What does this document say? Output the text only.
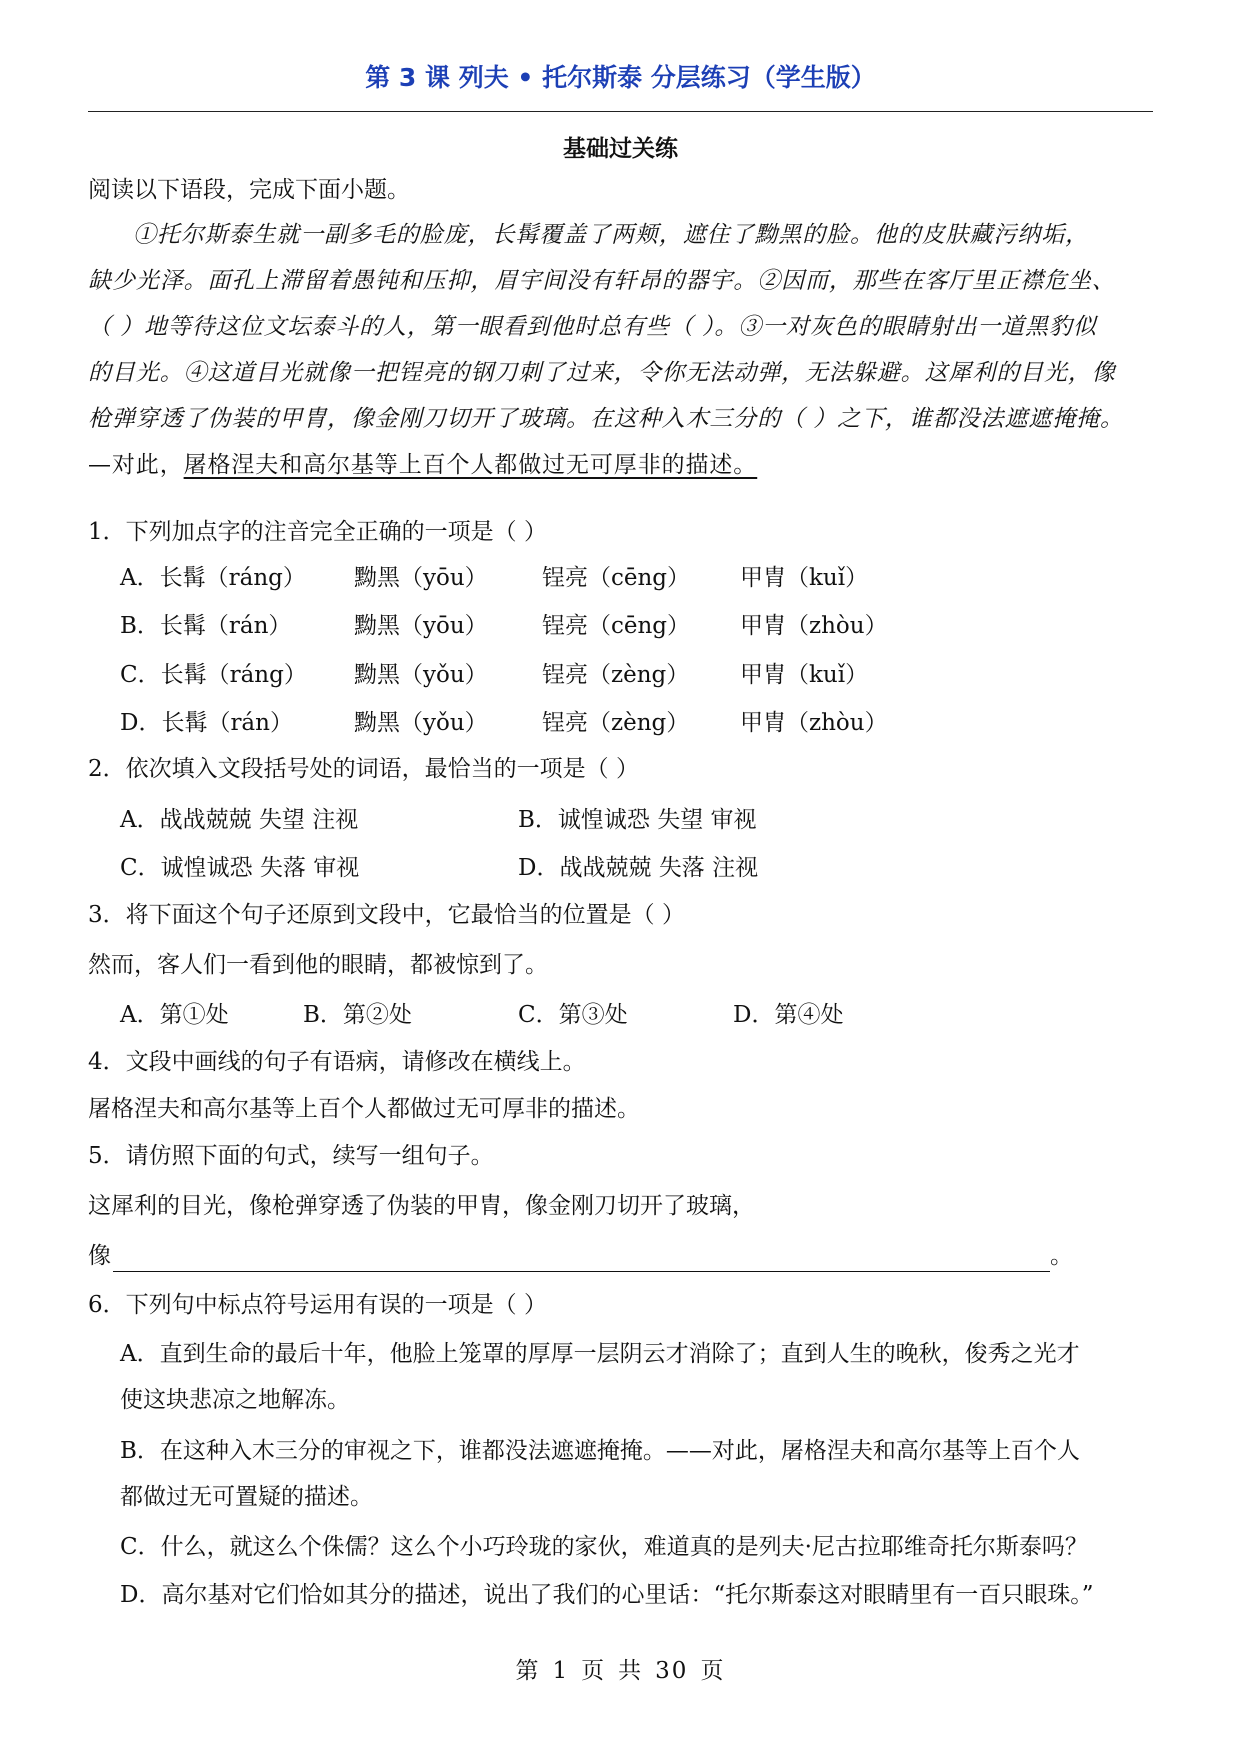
第 3 课 列夫 • 托尔斯泰 分层练习（学生版）
基础过关练
阅读以下语段，完成下面小题。
①托尔斯泰生就一副多毛的脸庞，长髯覆盖了两颊，遮住了黝黑的脸。他的皮肤藏污纳垢，
缺少光泽。面孔上滞留着愚钝和压抑，眉宇间没有轩昂的器宇。②因而，那些在客厅里正襟危坐、
（ ）地等待这位文坛泰斗的人，第一眼看到他时总有些（ ）。③一对灰色的眼睛射出一道黑豹似
的目光。④这道目光就像一把锃亮的钢刀刺了过来，令你无法动弹，无法躲避。这犀利的目光，像
枪弹穿透了伪装的甲胄，像金刚刀切开了玻璃。在这种入木三分的（ ）之下，谁都没法遮遮掩掩。
—对此，屠格涅夫和高尔基等上百个人都做过无可厚非的描述。
1．下列加点字的注音完全正确的一项是（ ）
A．长髯（ráng） 黝黑（yōu） 锃亮（cēng） 甲胄（kuǐ）
B．长髯（rán）	黝黑（yōu） 锃亮（cēng） 甲胄（zhòu）
C．长髯（ráng） 黝黑（yǒu） 锃亮（zèng） 甲胄（kuǐ）
D．长髯（rán）	黝黑（yǒu） 锃亮（zèng） 甲胄（zhòu）
2．依次填入文段括号处的词语，最恰当的一项是（ ）
A．战战兢兢 失望 注视	B．诚惶诚恐 失望 审视
C．诚惶诚恐 失落 审视	D．战战兢兢 失落 注视
3．将下面这个句子还原到文段中，它最恰当的位置是（ ）
然而，客人们一看到他的眼睛，都被惊到了。
A．第①处	B．第②处	C．第③处	D．第④处
4．文段中画线的句子有语病，请修改在横线上。
屠格涅夫和高尔基等上百个人都做过无可厚非的描述。
5．请仿照下面的句式，续写一组句子。
这犀利的目光，像枪弹穿透了伪装的甲胄，像金刚刀切开了玻璃，
像	。
6．下列句中标点符号运用有误的一项是（ ）
A．直到生命的最后十年，他脸上笼罩的厚厚一层阴云才消除了；直到人生的晚秋，俊秀之光才
使这块悲凉之地解冻。
B．在这种入木三分的审视之下，谁都没法遮遮掩掩。——对此，屠格涅夫和高尔基等上百个人
都做过无可置疑的描述。
C．什么，就这么个侏儒？这么个小巧玲珑的家伙，难道真的是列夫·尼古拉耶维奇托尔斯泰吗？
D．高尔基对它们恰如其分的描述，说出了我们的心里话：“托尔斯泰这对眼睛里有一百只眼珠。”
第 1 页 共 30 页
